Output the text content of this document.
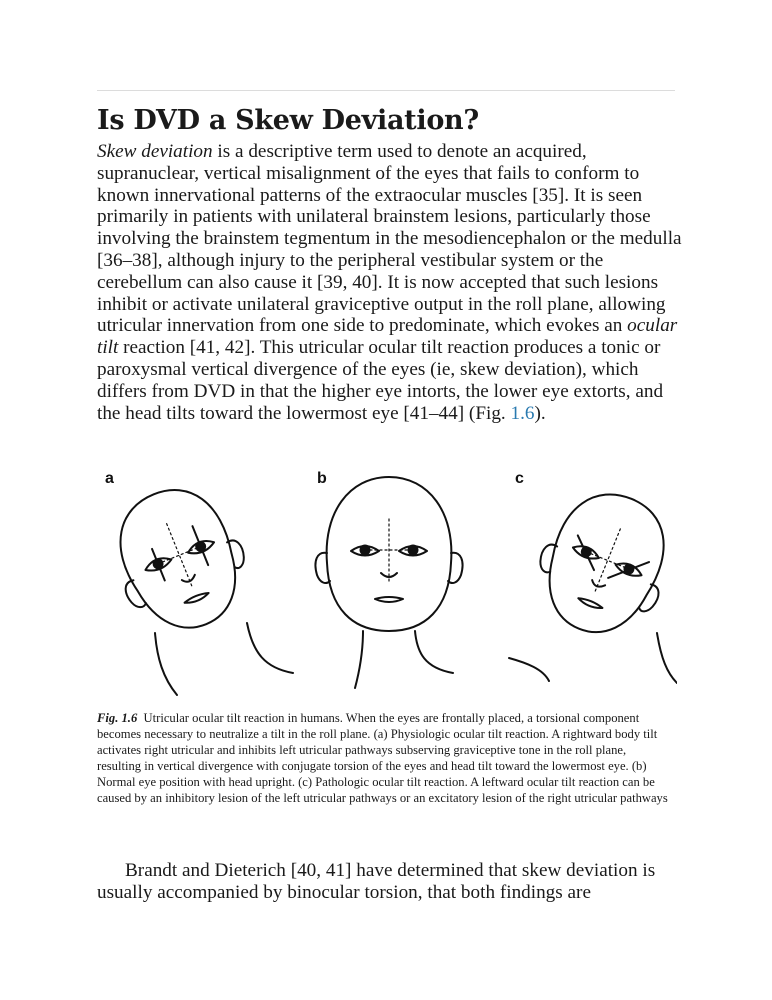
Is DVD a Skew Deviation?

Skew deviation is a descriptive term used to denote an acquired, supranuclear, vertical misalignment of the eyes that fails to conform to known innervational patterns of the extraocular muscles [35]. It is seen primarily in patients with unilateral brainstem lesions, particularly those involving the brainstem tegmentum in the mesodiencephalon or the medulla [36–38], although injury to the peripheral vestibular system or the cerebellum can also cause it [39, 40]. It is now accepted that such lesions inhibit or activate unilateral graviceptive output in the roll plane, allowing utricular innervation from one side to predominate, which evokes an ocular tilt reaction [41, 42]. This utricular ocular tilt reaction produces a tonic or paroxysmal vertical divergence of the eyes (ie, skew deviation), which differs from DVD in that the higher eye intorts, the lower eye extorts, and the head tilts toward the lowermost eye [41–44] (Fig. 1.6).

a	b	c

Fig. 1.6 Utricular ocular tilt reaction in humans. When the eyes are frontally placed, a torsional component becomes necessary to neutralize a tilt in the roll plane. (a) Physiologic ocular tilt reaction. A rightward body tilt activates right utricular and inhibits left utricular pathways subserving graviceptive tone in the roll plane, resulting in vertical divergence with conjugate torsion of the eyes and head tilt toward the lowermost eye. (b) Normal eye position with head upright. (c) Pathologic ocular tilt reaction. A leftward ocular tilt reaction can be caused by an inhibitory lesion of the left utricular pathways or an excitatory lesion of the right utricular pathways

Brandt and Dieterich [40, 41] have determined that skew deviation is usually accompanied by binocular torsion, that both findings are
